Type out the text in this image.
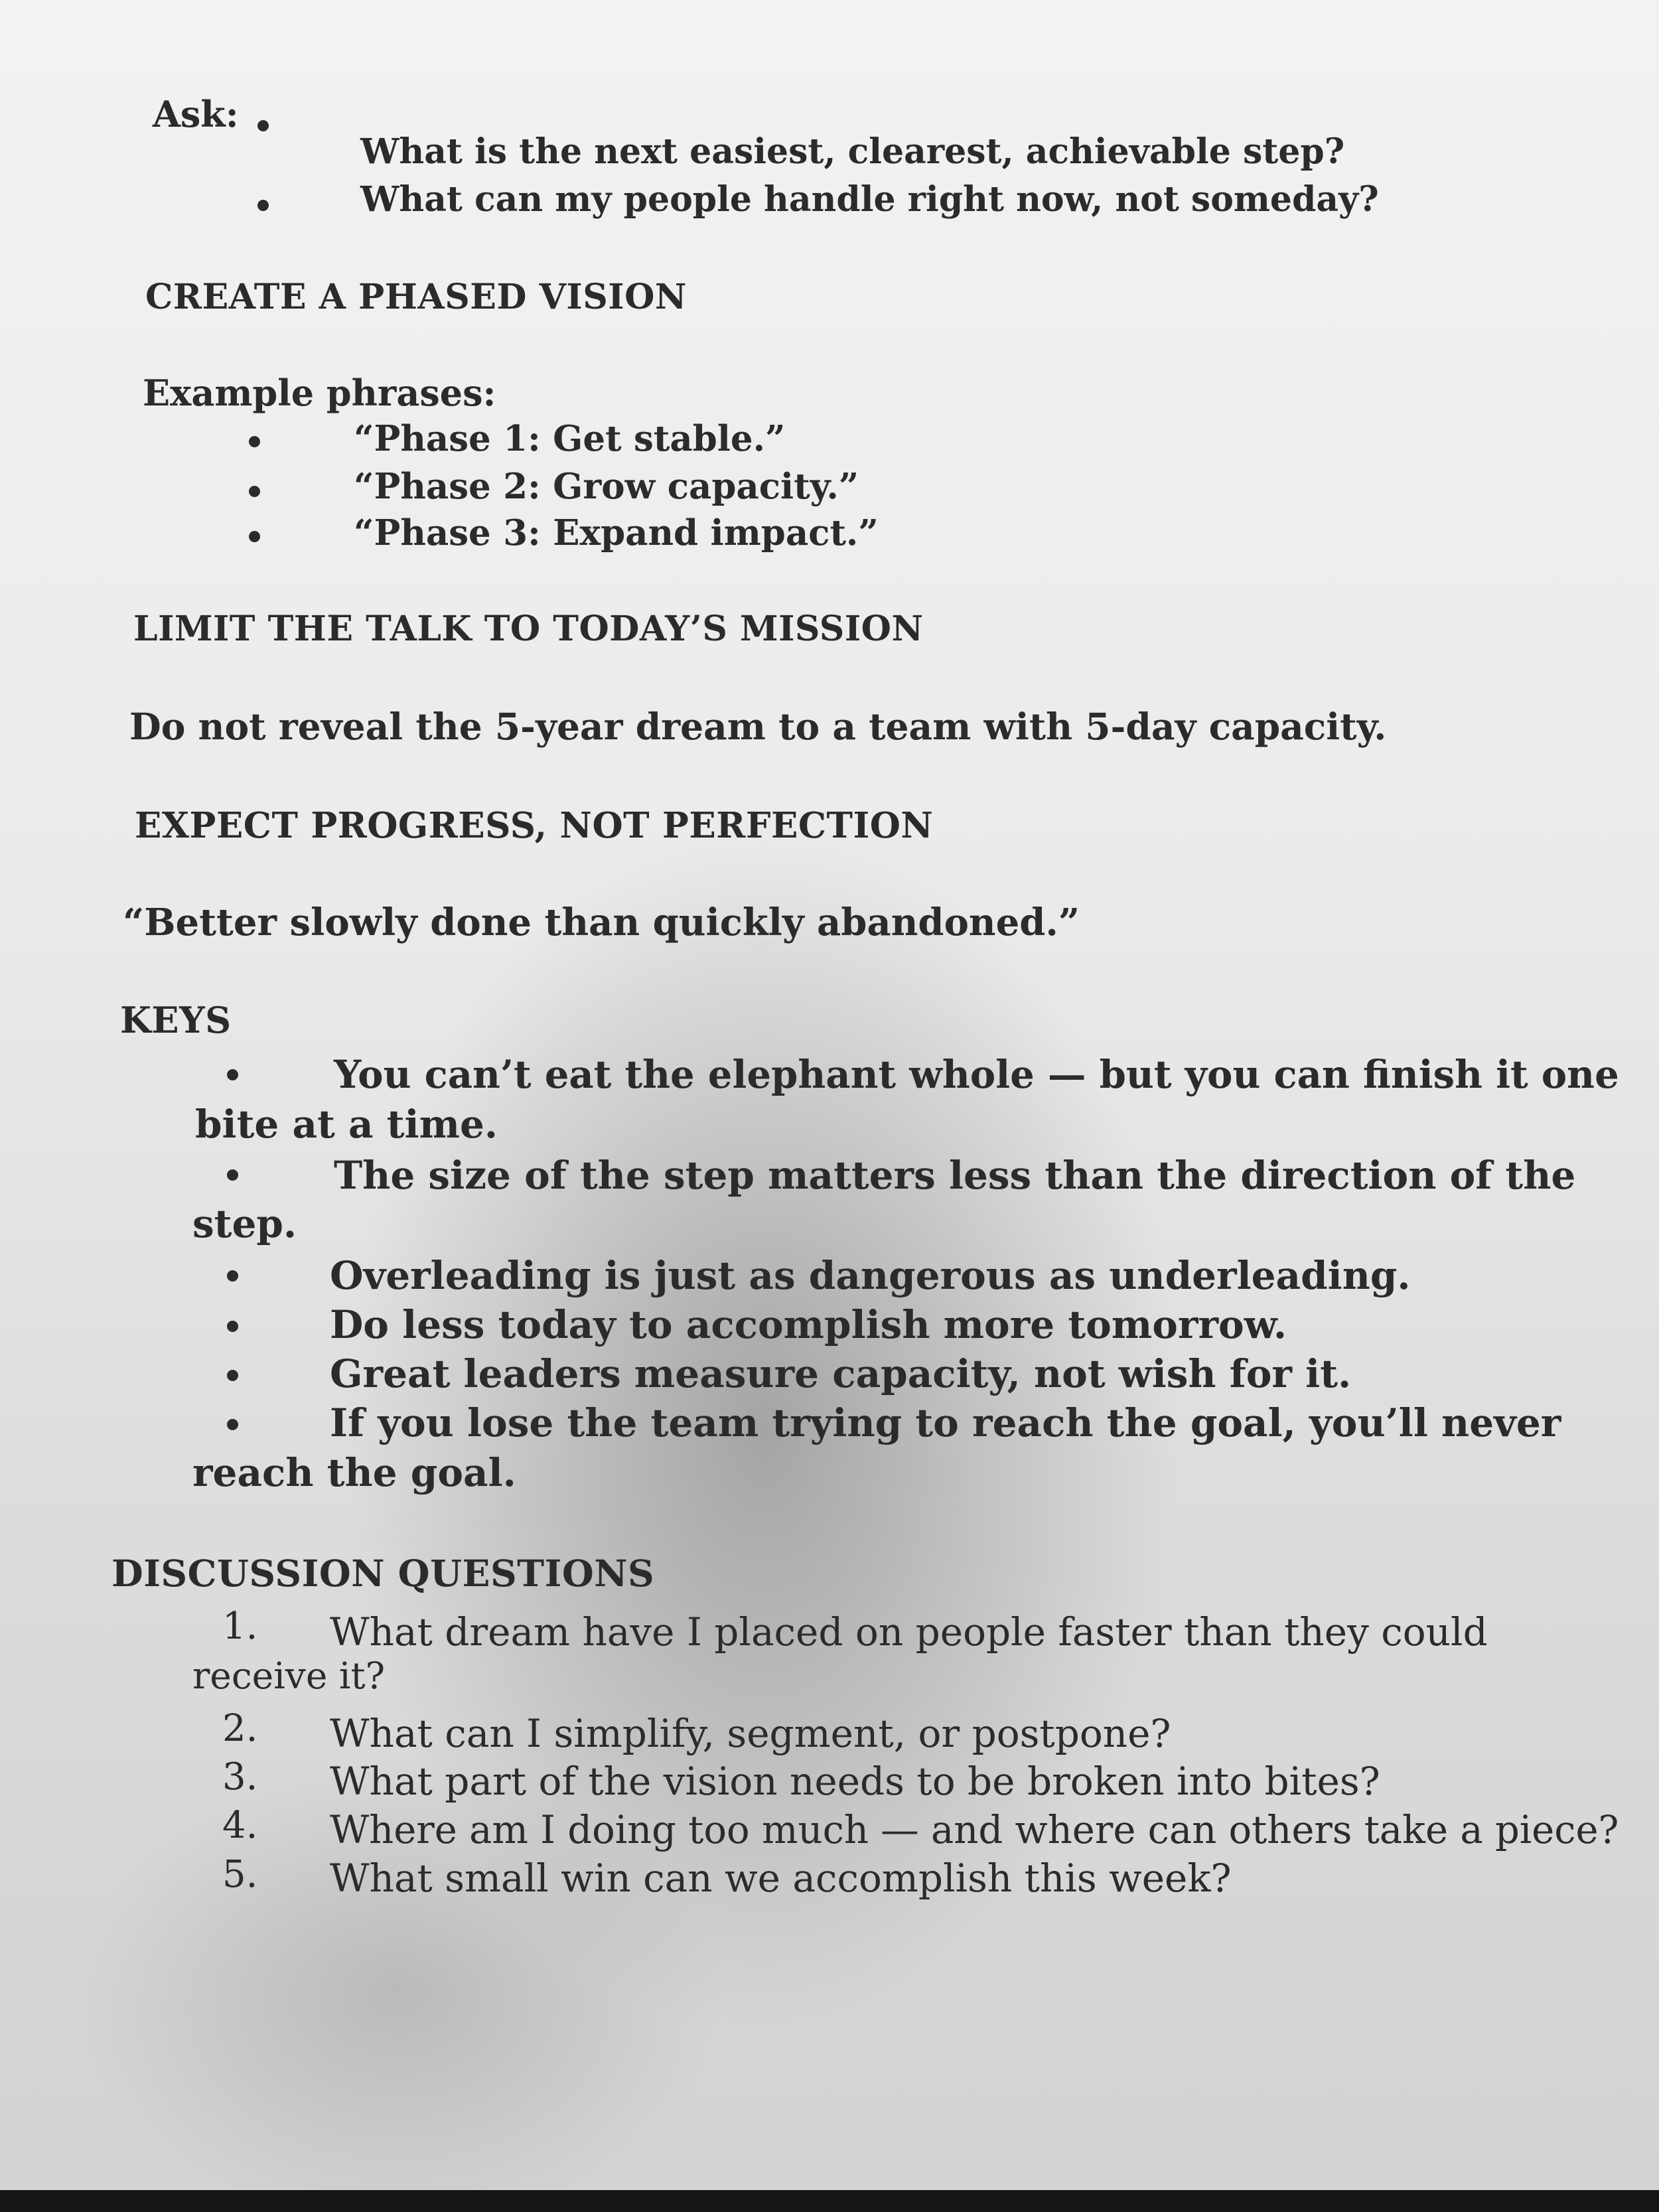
Ask:
What is the next easiest, clearest, achievable step?
What can my people handle right now, not someday?
CREATE A PHASED VISION
Example phrases:
“Phase 1: Get stable.”
“Phase 2: Grow capacity.”
“Phase 3: Expand impact.”
LIMIT THE TALK TO TODAY’S MISSION
Do not reveal the 5-year dream to a team with 5-day capacity.
EXPECT PROGRESS, NOT PERFECTION
“Better slowly done than quickly abandoned.”
KEYS
You can’t eat the elephant whole — but you can finish it one
bite at a time.
The size of the step matters less than the direction of the
step.
Overleading is just as dangerous as underleading.
Do less today to accomplish more tomorrow.
Great leaders measure capacity, not wish for it.
If you lose the team trying to reach the goal, you’ll never
reach the goal.
DISCUSSION QUESTIONS
1. What dream have I placed on people faster than they could
receive it?
2. What can I simplify, segment, or postpone?
3. What part of the vision needs to be broken into bites?
4. Where am I doing too much — and where can others take a piece?
5. What small win can we accomplish this week?
